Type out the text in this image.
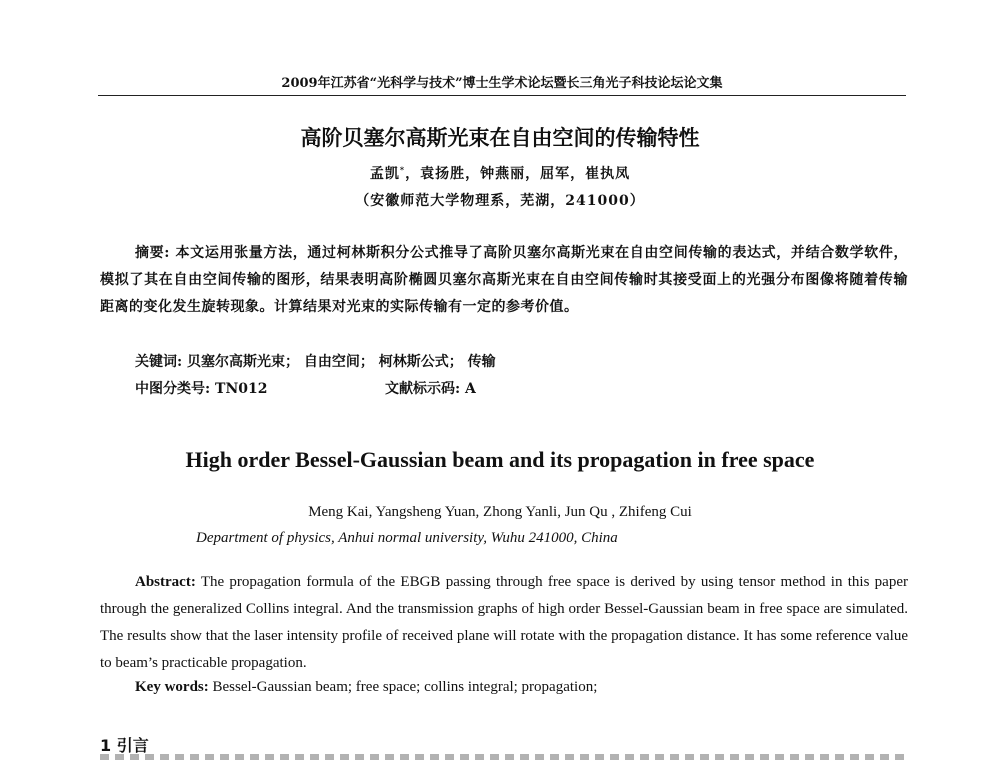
2009年江苏省“光科学与技术”博士生学术论坛暨长三角光子科技论坛论文集
高阶贝塞尔高斯光束在自由空间的传输特性
孟凯*，袁扬胜，钟燕丽，屈军，崔执凤
（安徽师范大学物理系，芜湖，241000）
摘要: 本文运用张量方法，通过柯林斯积分公式推导了高阶贝塞尔高斯光束在自由空间传输的表达式，并结合数学软件，模拟了其在自由空间传输的图形，结果表明高阶椭圆贝塞尔高斯光束在自由空间传输时其接受面上的光强分布图像将随着传输距离的变化发生旋转现象。计算结果对光束的实际传输有一定的参考价值。
关键词: 贝塞尔高斯光束； 自由空间； 柯林斯公式； 传输
中图分类号: TN012	文献标示码: A
High order Bessel-Gaussian beam and its propagation in free space
Meng Kai, Yangsheng Yuan, Zhong Yanli, Jun Qu , Zhifeng Cui
Department of physics, Anhui normal university, Wuhu 241000, China
Abstract: The propagation formula of the EBGB passing through free space is derived by using tensor method in this paper through the generalized Collins integral. And the transmission graphs of high order Bessel-Gaussian beam in free space are simulated. The results show that the laser intensity profile of received plane will rotate with the propagation distance. It has some reference value to beam’s practicable propagation.
Key words: Bessel-Gaussian beam; free space; collins integral; propagation;
1 引言
